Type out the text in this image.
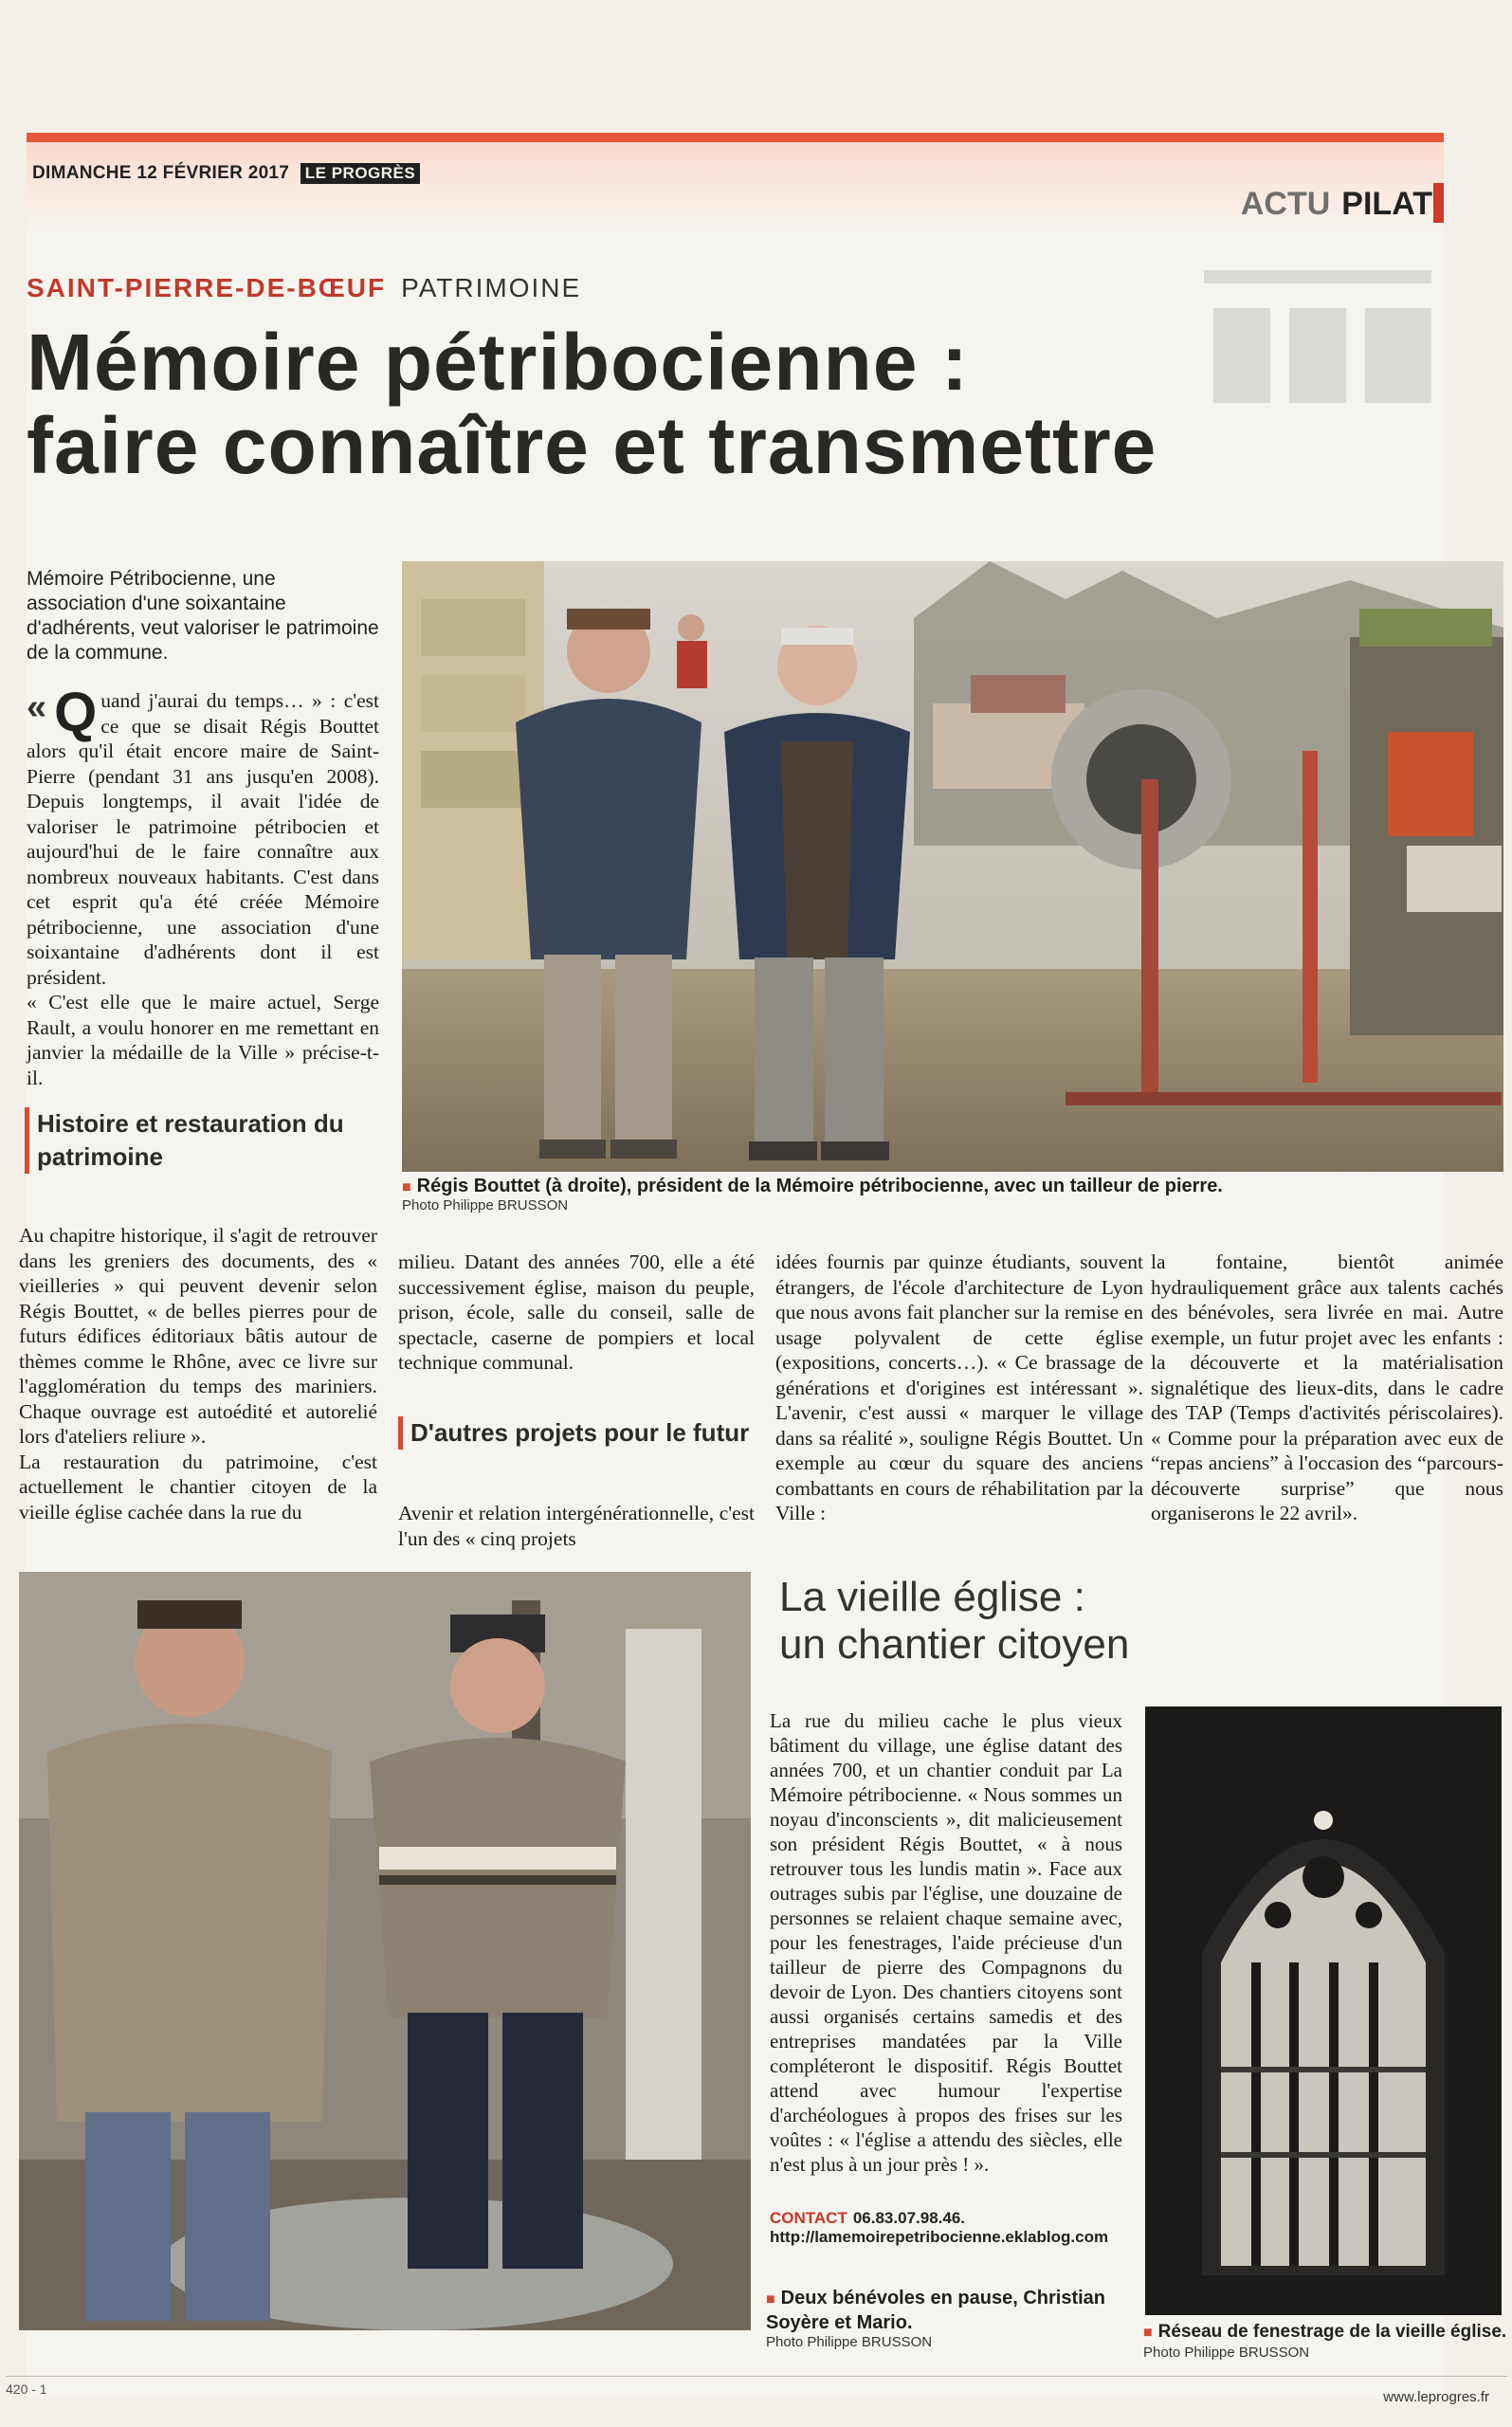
DIMANCHE 12 FÉVRIER 2017 LE PROGRÈS
ACTU PILAT
SAINT-PIERRE-DE-BŒUF PATRIMOINE
Mémoire pétribocienne :
faire connaître et transmettre
Mémoire Pétribocienne, une association d'une soixantaine d'adhérents, veut valoriser le patrimoine de la commune.
« Q uand j'aurai du temps… » : c'est ce que se disait Régis Bouttet alors qu'il était encore maire de Saint-Pierre (pendant 31 ans jusqu'en 2008). Depuis longtemps, il avait l'idée de valoriser le patrimoine pétribocien et aujourd'hui de le faire connaître aux nombreux nouveaux habitants. C'est dans cet esprit qu'a été créée Mémoire pétribocienne, une association d'une soixantaine d'adhérents dont il est président.
« C'est elle que le maire actuel, Serge Rault, a voulu honorer en me remettant en janvier la médaille de la Ville » précise-t-il.
Histoire et restauration du patrimoine
Au chapitre historique, il s'agit de retrouver dans les greniers des documents, des « vieilleries » qui peuvent devenir selon Régis Bouttet, « de belles pierres pour de futurs édifices éditoriaux bâtis autour de thèmes comme le Rhône, avec ce livre sur l'agglomération du temps des mariniers. Chaque ouvrage est autoédité et autorelié lors d'ateliers reliure ».
La restauration du patrimoine, c'est actuellement le chantier citoyen de la vieille église cachée dans la rue du
milieu. Datant des années 700, elle a été successivement église, maison du peuple, prison, école, salle du conseil, salle de spectacle, caserne de pompiers et local technique communal.
D'autres projets pour le futur
Avenir et relation intergénérationnelle, c'est l'un des « cinq projets
idées fournis par quinze étudiants, souvent étrangers, de l'école d'architecture de Lyon que nous avons fait plancher sur la remise en usage polyvalent de cette église (expositions, concerts…). « Ce brassage de générations et d'origines est intéressant ». L'avenir, c'est aussi « marquer le village dans sa réalité », souligne Régis Bouttet. Un exemple au cœur du square des anciens combattants en cours de réhabilitation par la Ville :
la fontaine, bientôt animée hydrauliquement grâce aux talents cachés des bénévoles, sera livrée en mai. Autre exemple, un futur projet avec les enfants : la découverte et la matérialisation signalétique des lieux-dits, dans le cadre des TAP (Temps d'activités périscolaires). « Comme pour la préparation avec eux de “repas anciens” à l'occasion des “parcours-découverte surprise” que nous organiserons le 22 avril».
■ Régis Bouttet (à droite), président de la Mémoire pétribocienne, avec un tailleur de pierre.
Photo Philippe BRUSSON
La vieille église :
un chantier citoyen
La rue du milieu cache le plus vieux bâtiment du village, une église datant des années 700, et un chantier conduit par La Mémoire pétribocienne. « Nous sommes un noyau d'inconscients », dit malicieusement son président Régis Bouttet, « à nous retrouver tous les lundis matin ». Face aux outrages subis par l'église, une douzaine de personnes se relaient chaque semaine avec, pour les fenestrages, l'aide précieuse d'un tailleur de pierre des Compagnons du devoir de Lyon. Des chantiers citoyens sont aussi organisés certains samedis et des entreprises mandatées par la Ville compléteront le dispositif. Régis Bouttet attend avec humour l'expertise d'archéologues à propos des frises sur les voûtes : « l'église a attendu des siècles, elle n'est plus à un jour près ! ».
CONTACT 06.83.07.98.46.
http://lamemoirepetribocienne.eklablog.com
■ Deux bénévoles en pause, Christian Soyère et Mario.
Photo Philippe BRUSSON
■ Réseau de fenestrage de la vieille église. Photo Philippe BRUSSON
420 - 1	www.leprogres.fr
